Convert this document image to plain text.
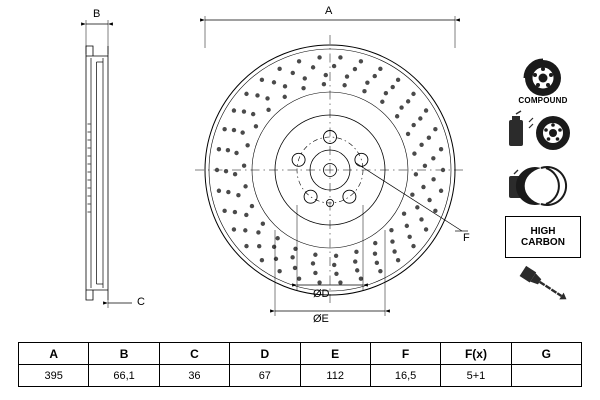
B
C
A
ØD
ØE
F
COMPOUND
HIGH
CARBON
A	B	C	D	E	F	F(x)	G
395	66,1	36	67	112	16,5	5+1	
